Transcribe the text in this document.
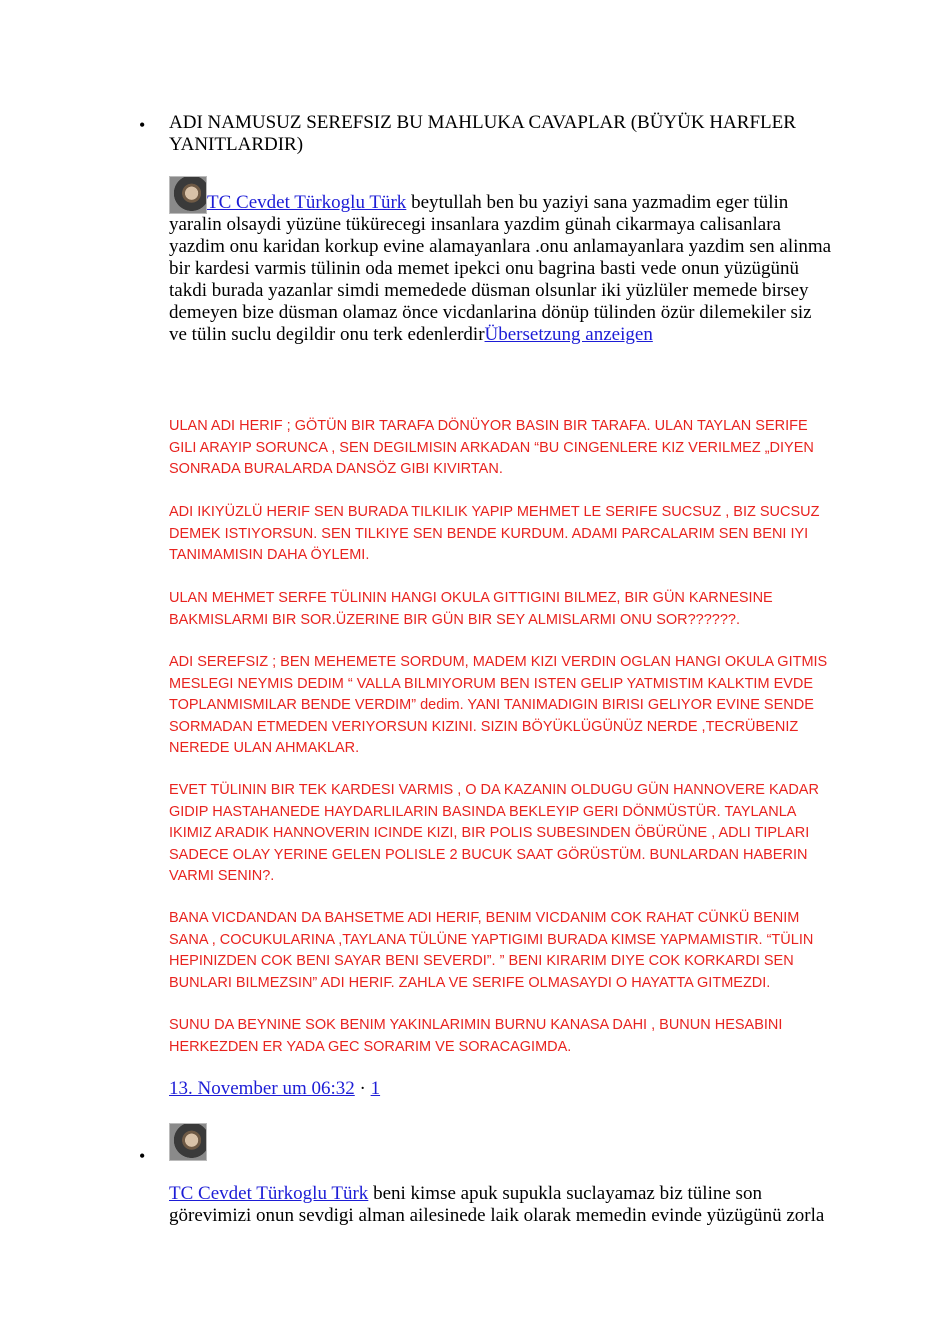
• ADI NAMUSUZ SEREFSIZ BU MAHLUKA CAVAPLAR (BÜYÜK HARFLER YANITLARDIR)
TC Cevdet Türkoglu Türk beytullah ben bu yaziyi sana yazmadim eger tülin yaralin olsaydi yüzüne tükürecegi insanlara yazdim günah cikarmaya calisanlara yazdim onu karidan korkup evine alamayanlara .onu anlamayanlara yazdim sen alinma bir kardesi varmis tülinin oda memet ipekci onu bagrina basti vede onun yüzügünü takdi burada yazanlar simdi memedede düsman olsunlar iki yüzlüler memede birsey demeyen bize düsman olamaz önce vicdanlarina dönüp tülinden özür dilemekiler siz ve tülin suclu degildir onu terk edenlerdirÜbersetzung anzeigen

ULAN ADI HERIF ; GÖTÜN BIR TARAFA DÖNÜYOR BASIN BIR TARAFA. ULAN TAYLAN SERIFE GILI ARAYIP SORUNCA , SEN DEGILMISIN ARKADAN “BU CINGENLERE KIZ VERILMEZ „DIYEN SONRADA BURALARDA DANSÖZ GIBI KIVIRTAN.

ADI IKIYÜZLÜ HERIF SEN BURADA TILKILIK YAPIP MEHMET LE SERIFE SUCSUZ , BIZ SUCSUZ DEMEK ISTIYORSUN. SEN TILKIYE SEN BENDE KURDUM. ADAMI PARCALARIM SEN BENI IYI TANIMAMISIN DAHA ÖYLEMI.

ULAN MEHMET SERFE TÜLININ HANGI OKULA GITTIGINI BILMEZ, BIR GÜN KARNESINE BAKMISLARMI BIR SOR.ÜZERINE BIR GÜN BIR SEY ALMISLARMI ONU SOR??????.

ADI SEREFSIZ ; BEN MEHEMETE SORDUM, MADEM KIZI VERDIN OGLAN HANGI OKULA GITMIS MESLEGI NEYMIS DEDIM “ VALLA BILMIYORUM BEN ISTEN GELIP YATMISTIM KALKTIM EVDE TOPLANMISMILAR BENDE VERDIM” dedim. YANI TANIMADIGIN BIRISI GELIYOR EVINE SENDE SORMADAN ETMEDEN VERIYORSUN KIZINI. SIZIN BÖYÜKLÜGÜNÜZ NERDE ,TECRÜBENIZ NEREDE ULAN AHMAKLAR.

EVET TÜLININ BIR TEK KARDESI VARMIS , O DA KAZANIN OLDUGU GÜN HANNOVERE KADAR GIDIP HASTAHANEDE HAYDARLILARIN BASINDA BEKLEYIP GERI DÖNMÜSTÜR. TAYLANLA IKIMIZ ARADIK HANNOVERIN ICINDE KIZI, BIR POLIS SUBESINDEN ÖBÜRÜNE , ADLI TIPLARI SADECE OLAY YERINE GELEN POLISLE 2 BUCUK SAAT GÖRÜSTÜM. BUNLARDAN HABERIN VARMI SENIN?.

BANA VICDANDAN DA BAHSETME ADI HERIF, BENIM VICDANIM COK RAHAT CÜNKÜ BENIM SANA , COCUKULARINA ,TAYLANA TÜLÜNE YAPTIGIMI BURADA KIMSE YAPMAMISTIR. “TÜLIN HEPINIZDEN COK BENI SAYAR BENI SEVERDI”. ” BENI KIRARIM DIYE COK KORKARDI SEN BUNLARI BILMEZSIN” ADI HERIF. ZAHLA VE SERIFE OLMASAYDI O HAYATTA GITMEZDI.

SUNU DA BEYNINE SOK BENIM YAKINLARIMIN BURNU KANASA DAHI , BUNUN HESABINI HERKEZDEN ER YADA GEC SORARIM VE SORACAGIMDA.

13. November um 06:32 · 1
•
TC Cevdet Türkoglu Türk beni kimse apuk supukla suclayamaz biz tüline son görevimizi onun sevdigi alman ailesinede laik olarak memedin evinde yüzügünü zorla
